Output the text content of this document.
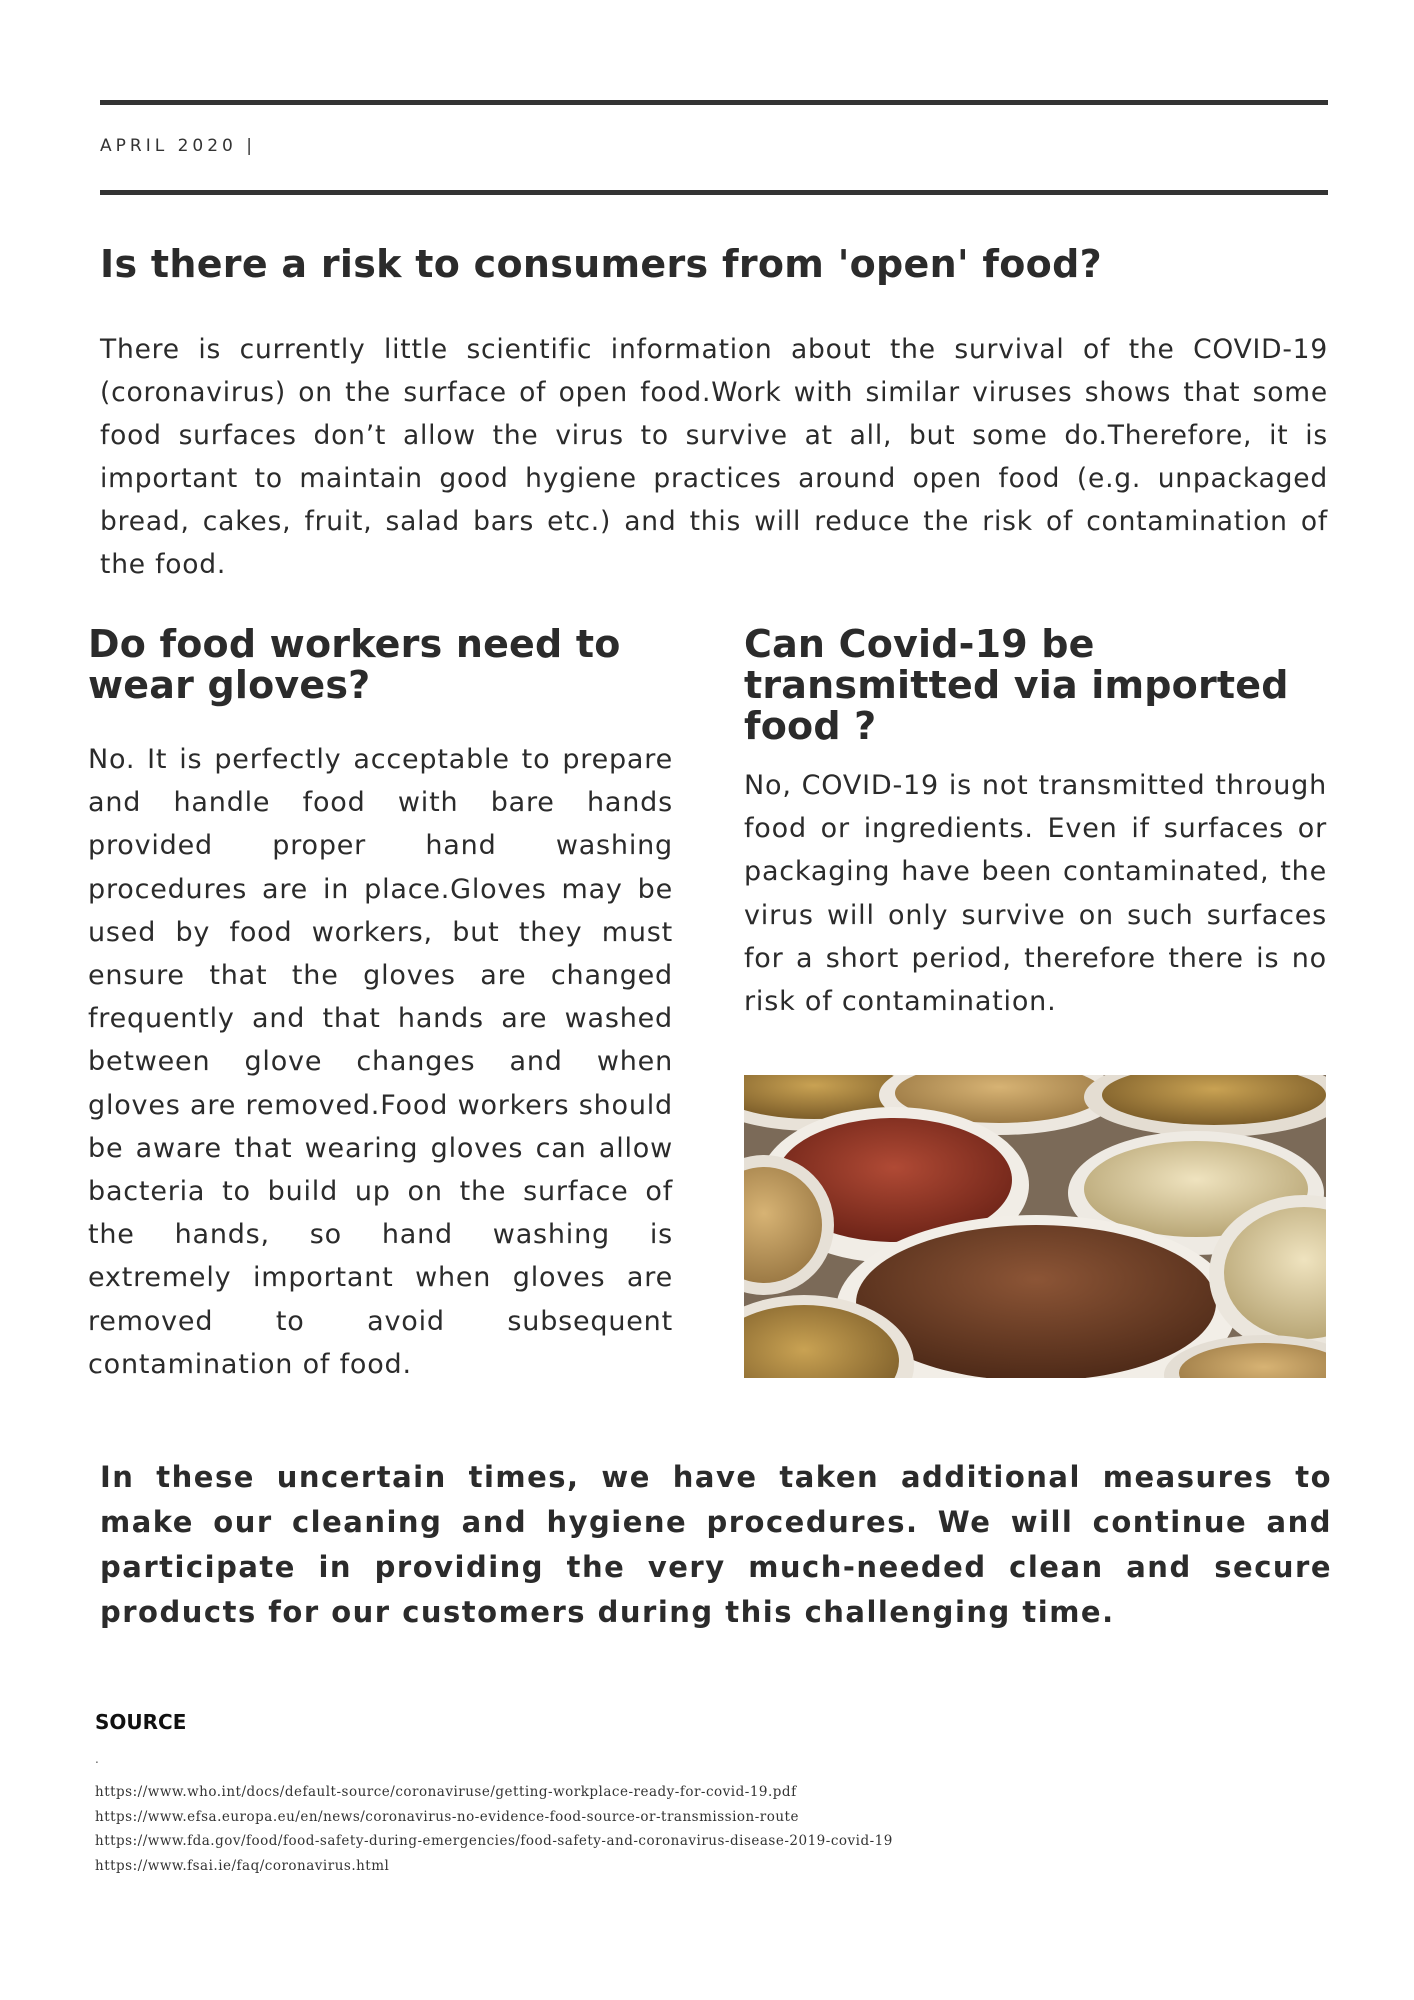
APRIL 2020 |
Is there a risk to consumers from 'open' food?

There is currently little scientific information about the survival of the COVID-19 (coronavirus) on the surface of open food.Work with similar viruses shows that some food surfaces don’t allow the virus to survive at all, but some do.Therefore, it is important to maintain good hygiene practices around open food (e.g. unpackaged bread, cakes, fruit, salad bars etc.) and this will reduce the risk of contamination of the food.

Do food workers need to wear gloves?

No. It is perfectly acceptable to prepare and handle food with bare hands provided proper hand washing procedures are in place.Gloves may be used by food workers, but they must ensure that the gloves are changed frequently and that hands are washed between glove changes and when gloves are removed.Food workers should be aware that wearing gloves can allow bacteria to build up on the surface of the hands, so hand washing is extremely important when gloves are removed to avoid subsequent contamination of food.

Can Covid-19 be transmitted via imported food ?

No, COVID-19 is not transmitted through food or ingredients. Even if surfaces or packaging have been contaminated, the virus will only survive on such surfaces for a short period, therefore there is no risk of contamination.

In these uncertain times, we have taken additional measures to make our cleaning and hygiene procedures. We will continue and participate in providing the very much-needed clean and secure products for our customers during this challenging time.

SOURCE
.
https://www.who.int/docs/default-source/coronaviruse/getting-workplace-ready-for-covid-19.pdf
https://www.efsa.europa.eu/en/news/coronavirus-no-evidence-food-source-or-transmission-route
https://www.fda.gov/food/food-safety-during-emergencies/food-safety-and-coronavirus-disease-2019-covid-19
https://www.fsai.ie/faq/coronavirus.html
